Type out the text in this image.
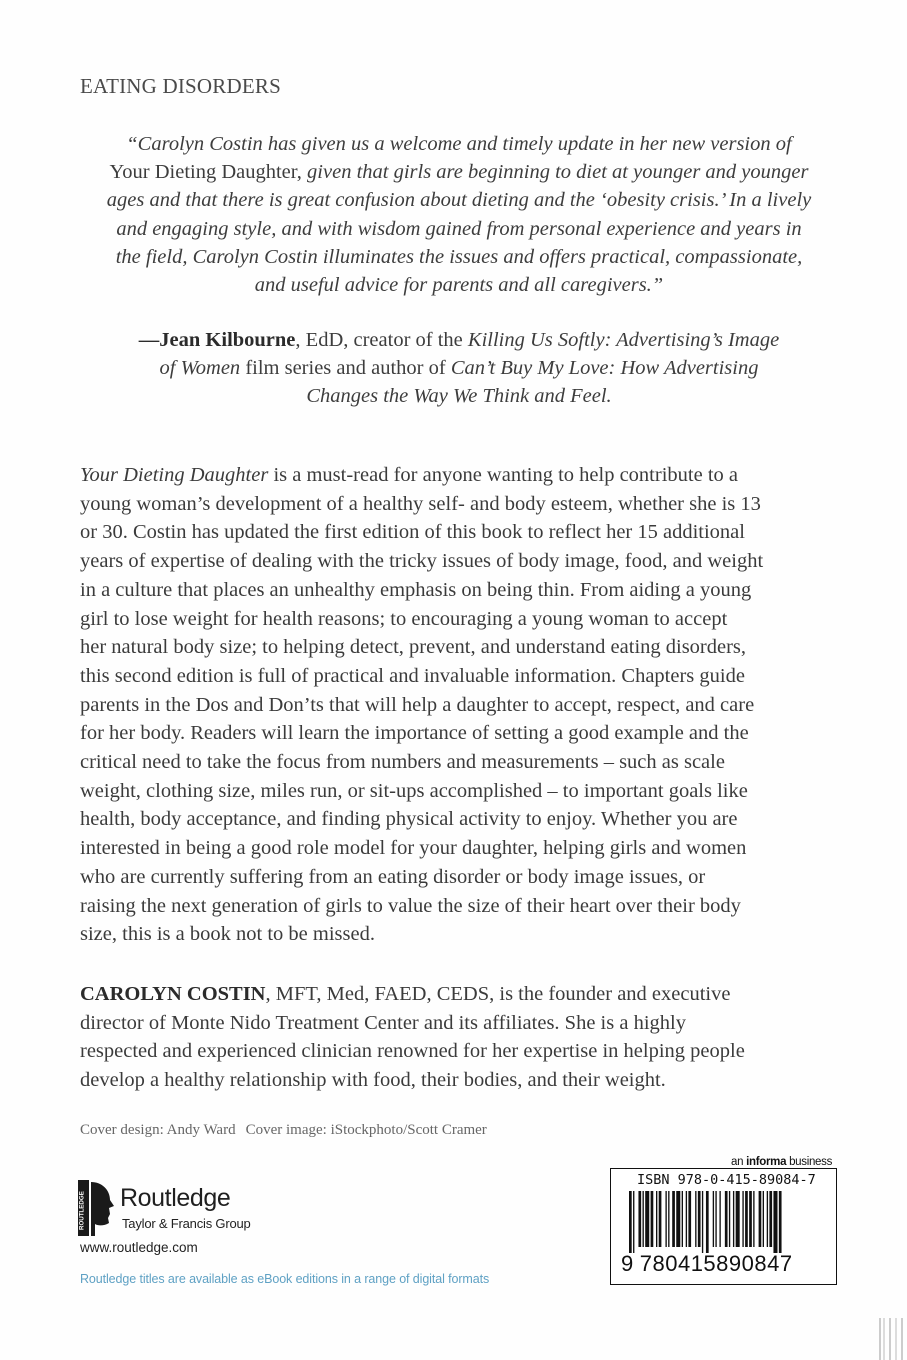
EATING DISORDERS
“Carolyn Costin has given us a welcome and timely update in her new version of
Your Dieting Daughter, given that girls are beginning to diet at younger and younger
ages and that there is great confusion about dieting and the ‘obesity crisis.’ In a lively
and engaging style, and with wisdom gained from personal experience and years in
the field, Carolyn Costin illuminates the issues and offers practical, compassionate,
and useful advice for parents and all caregivers.”
—Jean Kilbourne, EdD, creator of the Killing Us Softly: Advertising’s Image
of Women film series and author of Can’t Buy My Love: How Advertising
Changes the Way We Think and Feel.
Your Dieting Daughter is a must-read for anyone wanting to help contribute to a
young woman’s development of a healthy self- and body esteem, whether she is 13
or 30. Costin has updated the first edition of this book to reflect her 15 additional
years of expertise of dealing with the tricky issues of body image, food, and weight
in a culture that places an unhealthy emphasis on being thin. From aiding a young
girl to lose weight for health reasons; to encouraging a young woman to accept
her natural body size; to helping detect, prevent, and understand eating disorders,
this second edition is full of practical and invaluable information. Chapters guide
parents in the Dos and Don’ts that will help a daughter to accept, respect, and care
for her body. Readers will learn the importance of setting a good example and the
critical need to take the focus from numbers and measurements – such as scale
weight, clothing size, miles run, or sit-ups accomplished – to important goals like
health, body acceptance, and finding physical activity to enjoy. Whether you are
interested in being a good role model for your daughter, helping girls and women
who are currently suffering from an eating disorder or body image issues, or
raising the next generation of girls to value the size of their heart over their body
size, this is a book not to be missed.
CAROLYN COSTIN, MFT, Med, FAED, CEDS, is the founder and executive
director of Monte Nido Treatment Center and its affiliates. She is a highly
respected and experienced clinician renowned for her expertise in helping people
develop a healthy relationship with food, their bodies, and their weight.
Cover design: Andy Ward Cover image: iStockphoto/Scott Cramer
ROUTLEDGE Routledge
Taylor & Francis Group
www.routledge.com
Routledge titles are available as eBook editions in a range of digital formats
an informa business
ISBN 978-0-415-89084-7
9 780415890847
